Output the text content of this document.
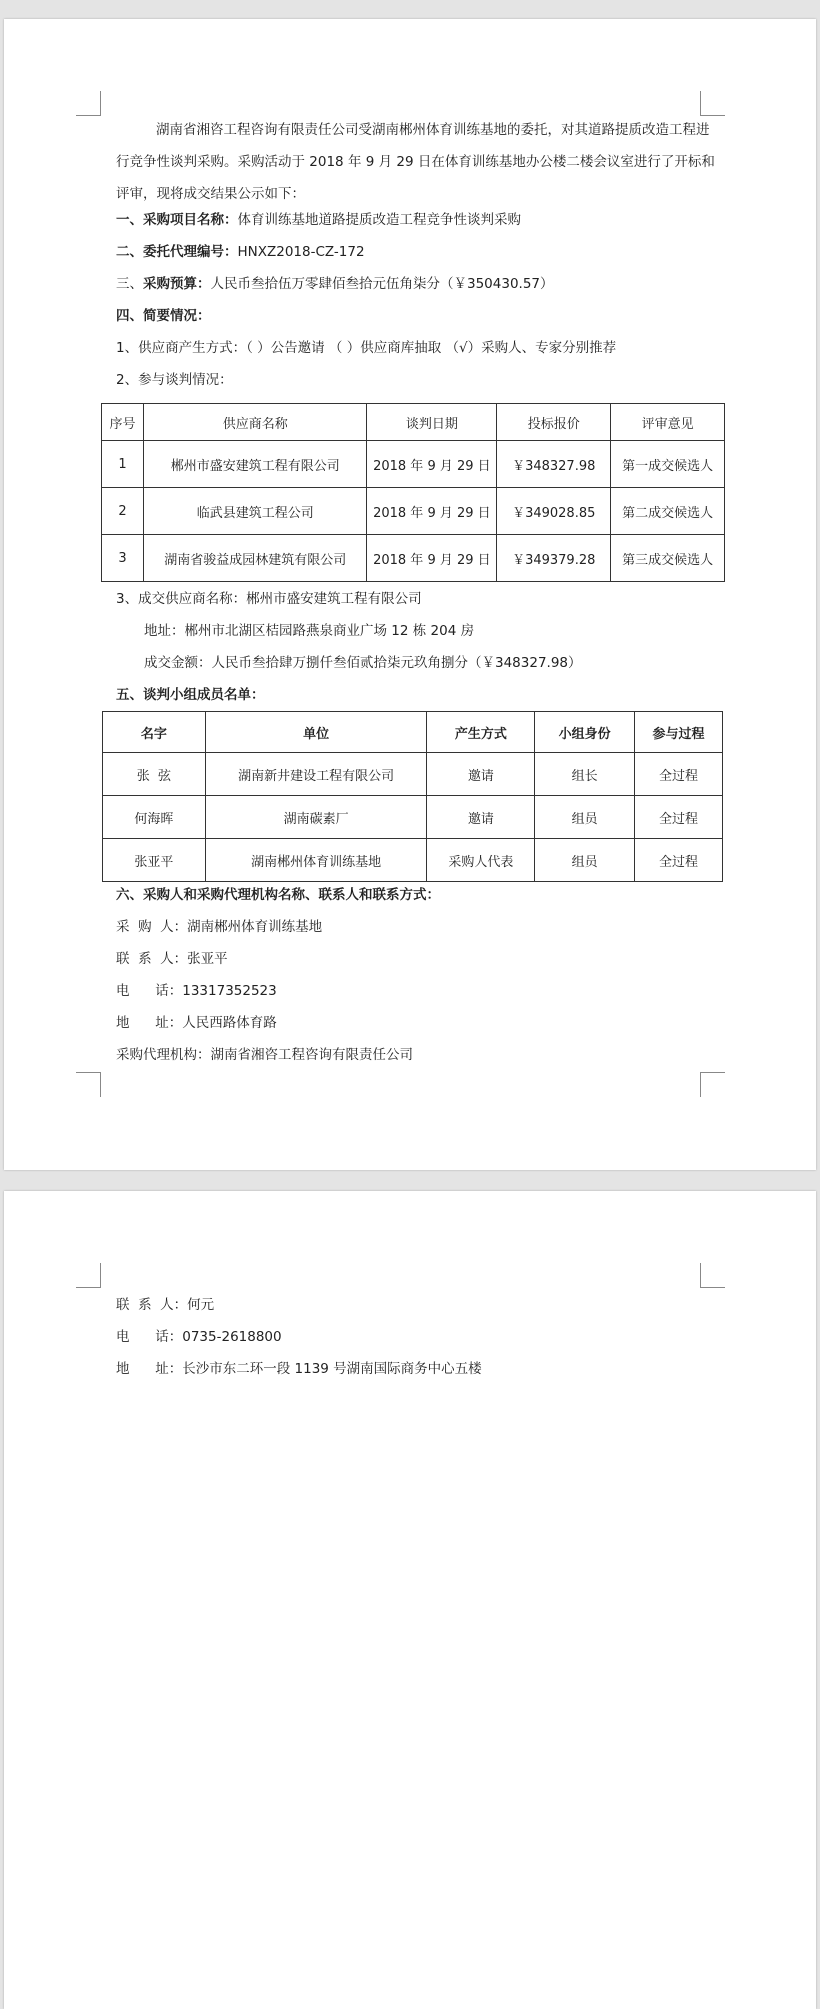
湖南省湘咨工程咨询有限责任公司受湖南郴州体育训练基地的委托，对其道路提质改造工程进行竞争性谈判采购。采购活动于 2018 年 9 月 29 日在体育训练基地办公楼二楼会议室进行了开标和评审，现将成交结果公示如下：
一、采购项目名称：体育训练基地道路提质改造工程竞争性谈判采购
二、委托代理编号：HNXZ2018-CZ-172
三、采购预算：人民币叁拾伍万零肆佰叁拾元伍角柒分（￥350430.57）
四、简要情况：
1、供应商产生方式：（ ）公告邀请 （ ）供应商库抽取 （√）采购人、专家分别推荐
2、参与谈判情况：
序号	供应商名称	谈判日期	投标报价	评审意见
1	郴州市盛安建筑工程有限公司	2018 年 9 月 29 日	￥348327.98	第一成交候选人
2	临武县建筑工程公司	2018 年 9 月 29 日	￥349028.85	第二成交候选人
3	湖南省骏益成园林建筑有限公司	2018 年 9 月 29 日	￥349379.28	第三成交候选人
3、成交供应商名称：郴州市盛安建筑工程有限公司
地址：郴州市北湖区桔园路燕泉商业广场 12 栋 204 房
成交金额：人民币叁拾肆万捌仟叁佰贰拾柒元玖角捌分（￥348327.98）
五、谈判小组成员名单：
名字	单位	产生方式	小组身份	参与过程
张  弦	湖南新井建设工程有限公司	邀请	组长	全过程
何海晖	湖南碳素厂	邀请	组员	全过程
张亚平	湖南郴州体育训练基地	采购人代表	组员	全过程
六、采购人和采购代理机构名称、联系人和联系方式：
采  购  人：湖南郴州体育训练基地
联  系  人：张亚平
电      话：13317352523
地      址：人民西路体育路
采购代理机构：湖南省湘咨工程咨询有限责任公司
联  系  人：何元
电      话：0735-2618800
地      址：长沙市东二环一段 1139 号湖南国际商务中心五楼
